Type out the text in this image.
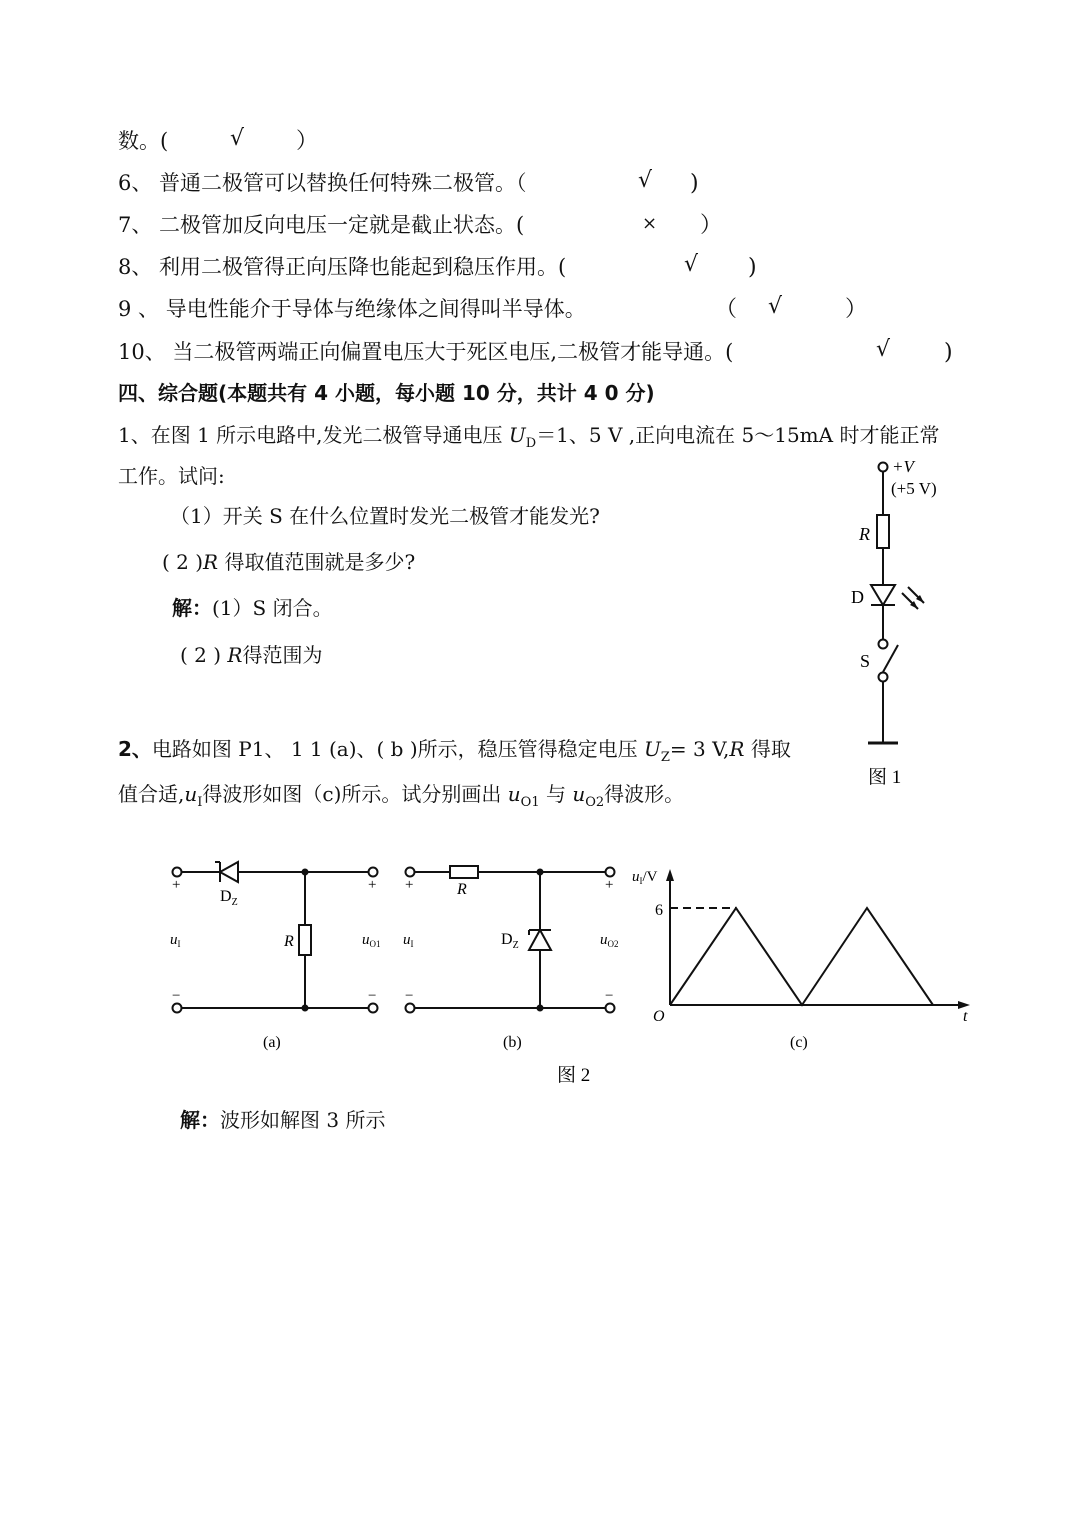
数。(	√ ）
6、 普通二极管可以替换任何特殊二极管。（	√ )
7、 二极管加反向电压一定就是截止状态。(	× ）
8、 利用二极管得正向压降也能起到稳压作用。(	√ )
9 、 导电性能介于导体与绝缘体之间得叫半导体。	（ √	）
10、 当二极管两端正向偏置电压大于死区电压,二极管才能导通。(	√ )
四、综合题(本题共有 4 小题，每小题 10 分，共计 4 0 分)
1、在图 1 所示电路中,发光二极管导通电压 $U_D=1$、5 V ,正向电流在 5～15mA 时才能正常
工作。试问:
（1）开关 S 在什么位置时发光二极管才能发光?
( 2 )R 得取值范围就是多少?
解：(1）S 闭合。
( 2 ) R得范围为
+V
(+5 V)
R
D
S
图 1
2、电路如图 P1、 1 1 (a)、( b )所示，稳压管得稳定电压 $U_Z= 3$ V,R 得取
值合适$,u_I$得波形如图（c)所示。试分别画出 $u_{O1}$ 与 $u_{O2}$得波形。
+	+
−	−
$D_Z$
R
$u_I$	$u_{O1}$
(a)
+	+
−	−
R
$D_Z$
$u_I$	$u_{O2}$
(b)
$u_I/V$
6
O	t
(c)
图 2
解：波形如解图 3 所示
